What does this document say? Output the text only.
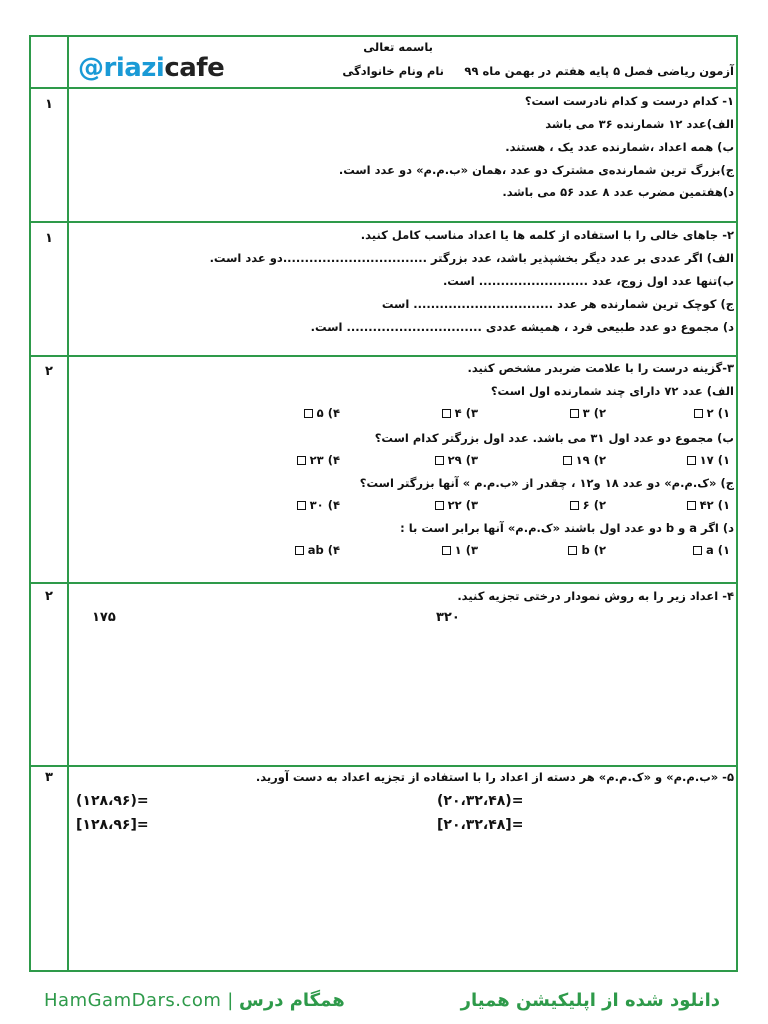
۱
۱
۲
۲
۳
باسمه تعالی
آزمون ریاضی فصل ۵ پایه هفتم در بهمن ماه ۹۹
نام ونام خانوادگی
@riazicafe
۱- کدام درست و کدام نادرست است؟
الف)عدد ۱۲ شمارنده ۳۶ می باشد
ب) همه اعداد ،شمارنده عدد یک ، هستند.
ج)بزرگ ترین شمارنده‌ی مشترک دو عدد ،همان «ب.م.م» دو عدد است.
د)هفتمین مضرب عدد ۸ عدد ۵۶ می باشد.
۲- جاهای خالی را با استفاده از کلمه ها یا اعداد مناسب کامل کنید.
الف) اگر عددی بر عدد دیگر بخشپذیر باشد، عدد بزرگتر .................................دو عدد است.
ب)تنها عدد اول زوج، عدد ......................... است.
ج) کوچک ترین شمارنده هر عدد ................................ است
د) مجموع دو عدد طبیعی فرد ، همیشه عددی ............................... است.
۳-گزینه درست را با علامت ضربدر مشخص کنید.
الف) عدد ۷۲ دارای چند شمارنده اول است؟
۱) ۲
۲) ۳
۳) ۴
۴) ۵
ب) مجموع دو عدد اول ۳۱ می باشد. عدد اول بزرگتر کدام است؟
۱) ۱۷
۲) ۱۹
۳) ۲۹
۴) ۲۳
ج) «ک.م.م» دو عدد ۱۸ و۱۲ ، چقدر از «ب.م.م » آنها بزرگتر است؟
۱) ۴۲
۲) ۶
۳) ۲۲
۴) ۳۰
د) اگر a و b دو عدد اول باشند «ک.م.م» آنها برابر است با :
۱) a
۲) b
۳) ۱
۴) ab
۴- اعداد زیر را به روش نمودار درختی تجزیه کنید.
۳۲۰
۱۷۵
۵- «ب.م.م» و «ک.م.م» هر دسته از اعداد را با استفاده از تجزیه اعداد به دست آورید.
(۲۰،۳۲،۴۸)=
(۱۲۸،۹۶)=
[۲۰،۳۲،۴۸]=
[۱۲۸،۹۶]=
HamGamDars.com | همگام درس	دانلود شده از اپلیکیشن همیار
